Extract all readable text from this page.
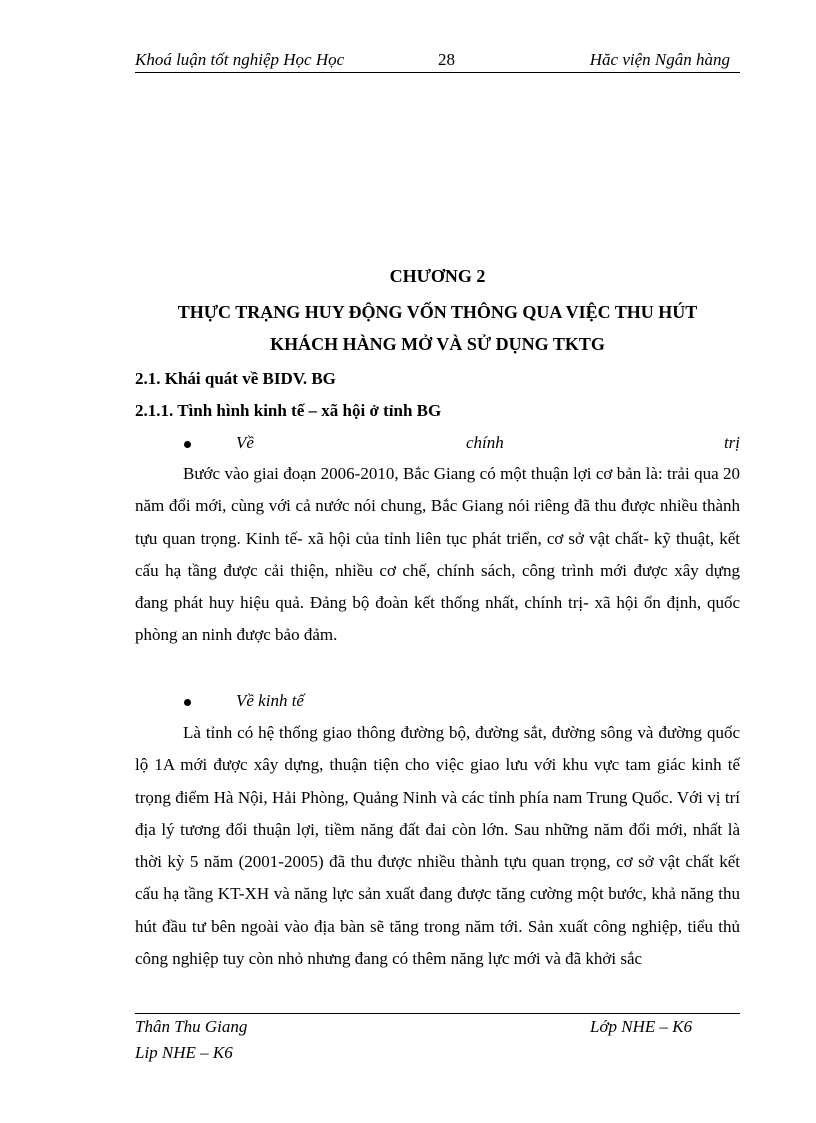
Khoá luận tốt nghiệp Học Học	28	Hăc viện Ngân hàng
CHƯƠNG 2
THỰC TRẠNG HUY ĐỘNG VỐN THÔNG QUA VIỆC THU HÚT
KHÁCH HÀNG MỞ VÀ SỬ DỤNG TKTG
2.1. Khái quát về BIDV. BG
2.1.1. Tình hình kinh tế – xã hội ở tỉnh BG
Về	chính	trị

Bước vào giai đoạn 2006-2010, Bắc Giang có một thuận lợi cơ bản là: trải qua 20 năm đổi mới, cùng với cả nước nói chung, Bắc Giang nói riêng đã thu được nhiều thành tựu quan trọng. Kinh tế- xã hội của tỉnh liên tục phát triển, cơ sở vật chất- kỹ thuật, kết cấu hạ tầng được cải thiện, nhiều cơ chế, chính sách, công trình mới được xây dựng đang phát huy hiệu quả. Đảng bộ đoàn kết thống nhất, chính trị- xã hội ổn định, quốc phòng an ninh được bảo đảm.

Về kinh tế

Là tỉnh có hệ thống giao thông đường bộ, đường sắt, đường sông và đường quốc lộ 1A mới được xây dựng, thuận tiện cho việc giao lưu với khu vực tam giác kinh tế trọng điểm Hà Nội, Hải Phòng, Quảng Ninh và các tỉnh phía nam Trung Quốc. Với vị trí địa lý tương đối thuận lợi, tiềm năng đất đai còn lớn. Sau những năm đổi mới, nhất là thời kỳ 5 năm (2001-2005) đã thu được nhiều thành tựu quan trọng, cơ sở vật chất kết cấu hạ tầng KT-XH và năng lực sản xuất đang được tăng cường một bước, khả năng thu hút đầu tư bên ngoài vào địa bàn sẽ tăng trong năm tới. Sản xuất công nghiệp, tiểu thủ công nghiệp tuy còn nhỏ nhưng đang có thêm năng lực mới và đã khởi sắc

Thân Thu Giang	Lớp NHE – K6
Lip NHE – K6
